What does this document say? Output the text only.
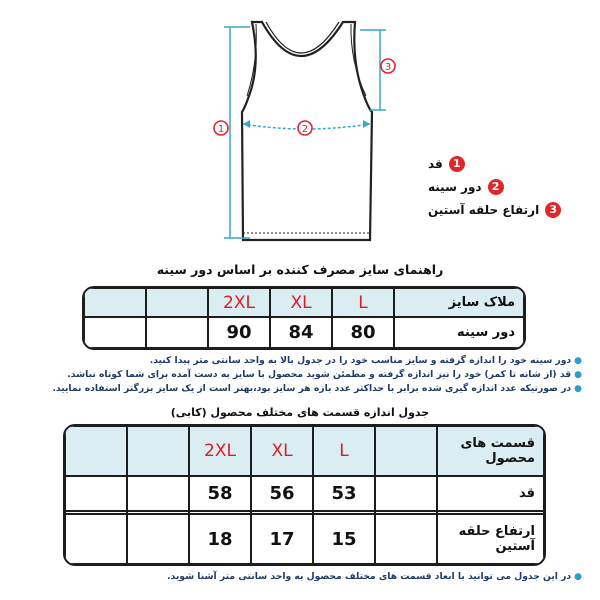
1	2
3
1
قد
2
دور سینه
3
ارتفاع حلقه آستین
راهنمای سایز مصرف کننده بر اساس دور سینه
		2XL	XL	L	ملاک سایز
		90	84	80	دور سینه
●
دور سینه خود را اندازه گرفته و سایز مناسب خود را در جدول بالا به واحد سانتی متر پیدا کنید.
●
قد (از شانه تا کمر) خود را نیز اندازه گرفته و مطمئن شوید محصول با سایز به دست آمده برای شما کوتاه نباشد.
●
در صورتیکه عدد اندازه گیری شده برابر با حداکثر عدد بازه هر سایز بود،بهتر است از یک سایز بزرگتر استفاده نمایید.
جدول اندازه قسمت های مختلف محصول (کابی)
		2XL	XL	L		قسمت های محصول
		58	56	53		قد

		18	17	15		ارتفاع حلقه آستین
●
در این جدول می توانید با ابعاد قسمت های مختلف محصول به واحد سانتی متر آشنا شوید.
